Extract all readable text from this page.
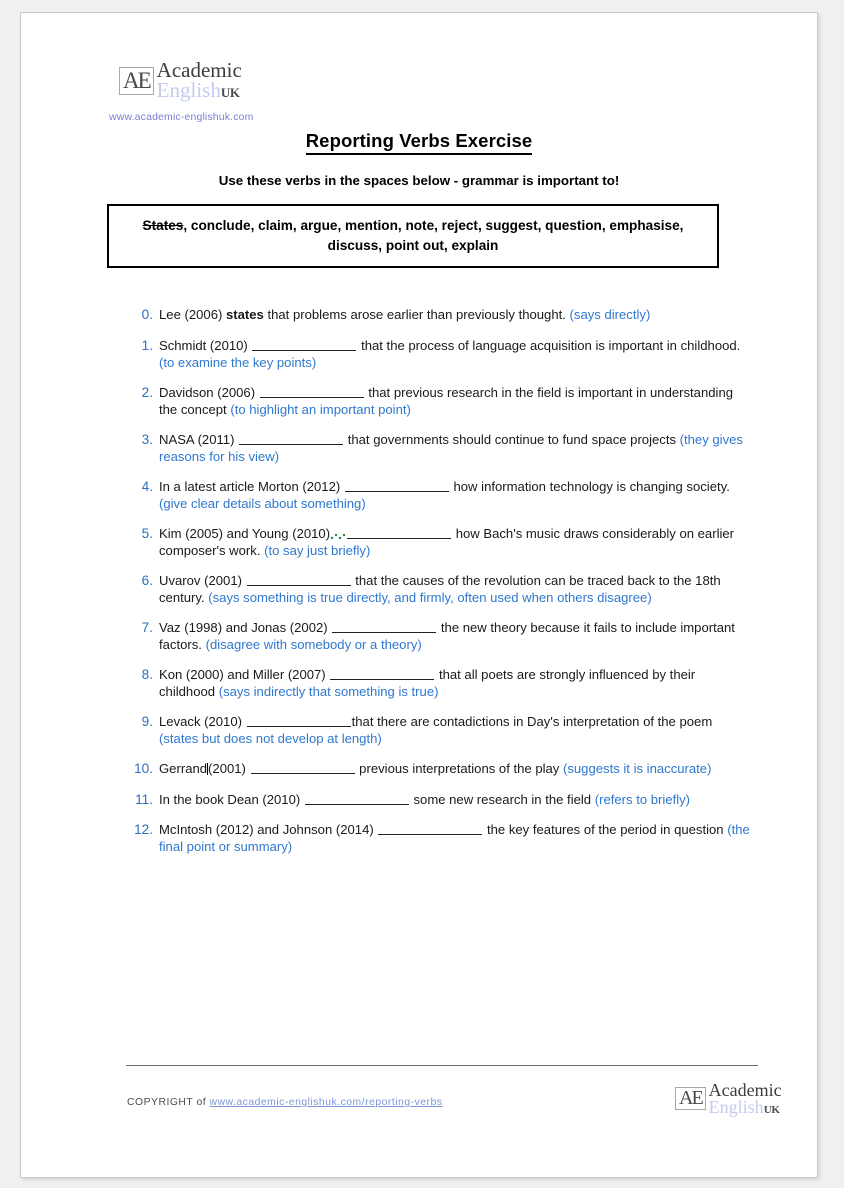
AE Academic
EnglishUK
www.academic-englishuk.com
Reporting Verbs Exercise
Use these verbs in the spaces below - grammar is important to!
States, conclude, claim, argue, mention, note, reject, suggest, question, emphasise, discuss, point out, explain
0. Lee (2006) states that problems arose earlier than previously thought. (says directly)
1. Schmidt (2010)	that the process of language acquisition is important in childhood. (to examine the key points)
2. Davidson (2006)	that previous research in the field is important in understanding the concept (to highlight an important point)
3. NASA (2011)	that governments should continue to fund space projects (they gives reasons for his view)
4. In a latest article Morton (2012)	how information technology is changing society. (give clear details about something)
5. Kim (2005) and Young (2010)	how Bach's music draws considerably on earlier composer's work. (to say just briefly)
6. Uvarov (2001)	that the causes of the revolution can be traced back to the 18th century. (says something is true directly, and firmly, often used when others disagree)
7. Vaz (1998) and Jonas (2002)	the new theory because it fails to include important factors. (disagree with somebody or a theory)
8. Kon (2000) and Miller (2007)	that all poets are strongly influenced by their childhood (says indirectly that something is true)
9. Levack (2010)	that there are contadictions in Day's interpretation of the poem (states but does not develop at length)
10. Gerrand(2001)	previous interpretations of the play (suggests it is inaccurate)
11. In the book Dean (2010)	some new research in the field (refers to briefly)
12. McIntosh (2012) and Johnson (2014)	the key features of the period in question (the final point or summary)
COPYRIGHT of www.academic-englishuk.com/reporting-verbs	AE Academic
EnglishUK
